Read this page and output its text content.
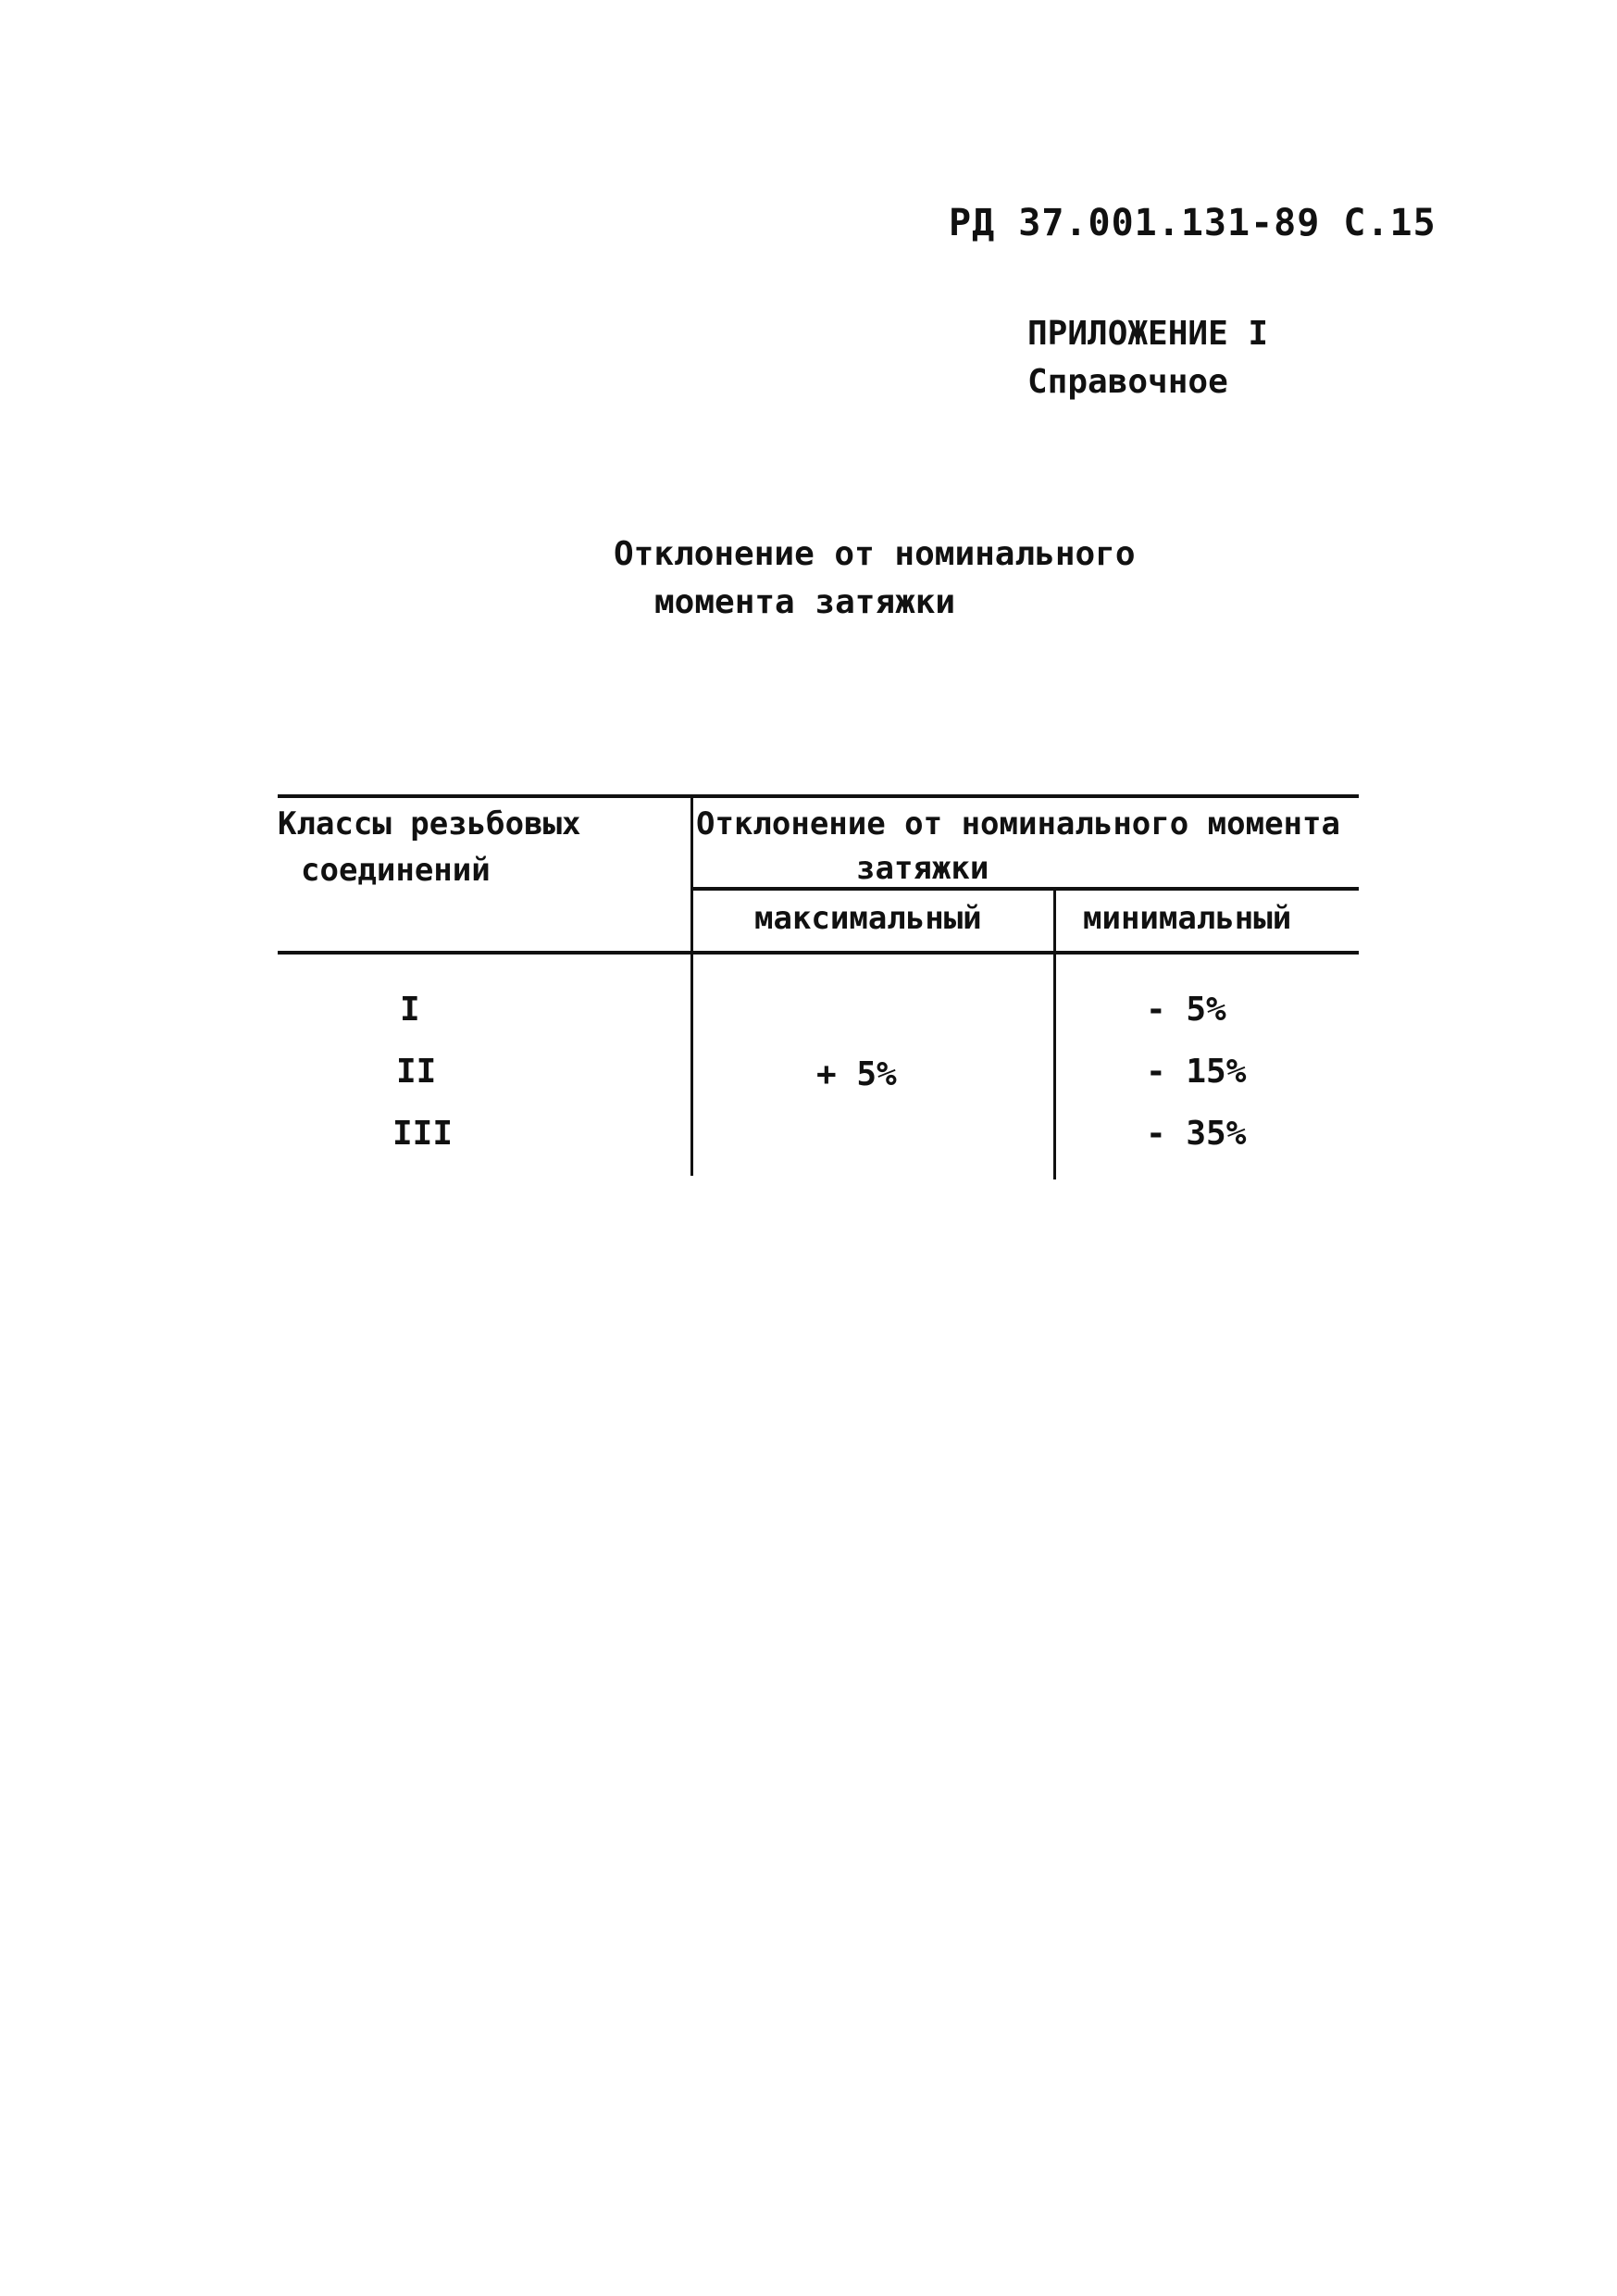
РД 37.001.131-89 С.15
ПРИЛОЖЕНИЕ I
Справочное
Отклонение от номинального
момента затяжки
Классы резьбовых
соединений
Отклонение от номинального момента
затяжки
максимальный	минимальный
I
II
III
+ 5%
- 5%
- 15%
- 35%
